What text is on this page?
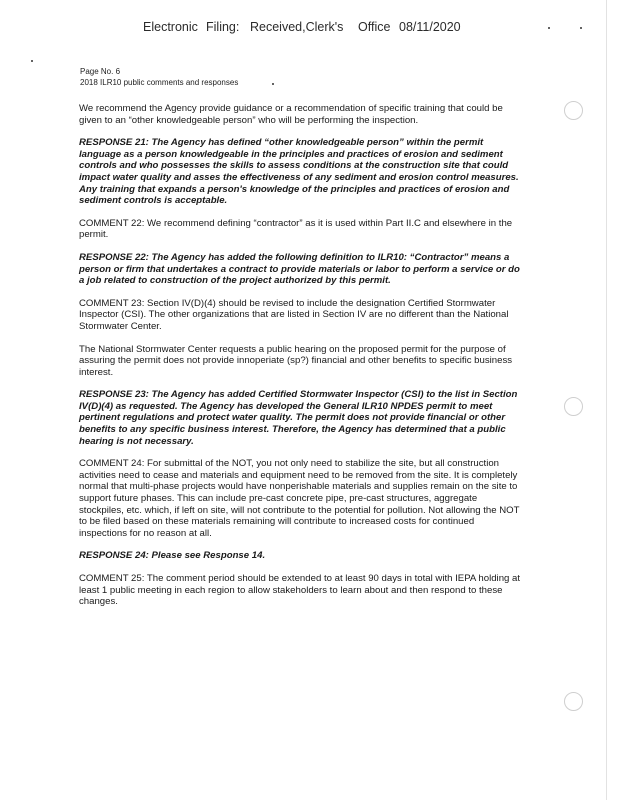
Electronic Filing: Received,Clerk's Office 08/11/2020
Page No. 6
2018 ILR10 public comments and responses

We recommend the Agency provide guidance or a recommendation of specific training that could be given to an “other knowledgeable person” who will be performing the inspection.

RESPONSE 21: The Agency has defined “other knowledgeable person” within the permit language as a person knowledgeable in the principles and practices of erosion and sediment controls and who possesses the skills to assess conditions at the construction site that could impact water quality and asses the effectiveness of any sediment and erosion control measures. Any training that expands a person's knowledge of the principles and practices of erosion and sediment controls is acceptable.

COMMENT 22: We recommend defining “contractor” as it is used within Part II.C and elsewhere in the permit.

RESPONSE 22: The Agency has added the following definition to ILR10: “Contractor” means a person or firm that undertakes a contract to provide materials or labor to perform a service or do a job related to construction of the project authorized by this permit.

COMMENT 23: Section IV(D)(4) should be revised to include the designation Certified Stormwater Inspector (CSI). The other organizations that are listed in Section IV are no different than the National Stormwater Center.

The National Stormwater Center requests a public hearing on the proposed permit for the purpose of assuring the permit does not provide innoperiate (sp?) financial and other benefits to specific business interest.

RESPONSE 23: The Agency has added Certified Stormwater Inspector (CSI) to the list in Section IV(D)(4) as requested. The Agency has developed the General ILR10 NPDES permit to meet pertinent regulations and protect water quality. The permit does not provide financial or other benefits to any specific business interest. Therefore, the Agency has determined that a public hearing is not necessary.

COMMENT 24: For submittal of the NOT, you not only need to stabilize the site, but all construction activities need to cease and materials and equipment need to be removed from the site. It is completely normal that multi-phase projects would have nonperishable materials and supplies remain on the site to support future phases. This can include pre-cast concrete pipe, pre-cast structures, aggregate stockpiles, etc. which, if left on site, will not contribute to the potential for pollution. Not allowing the NOT to be filed based on these materials remaining will contribute to increased costs for continued inspections for no reason at all.

RESPONSE 24: Please see Response 14.

COMMENT 25: The comment period should be extended to at least 90 days in total with IEPA holding at least 1 public meeting in each region to allow stakeholders to learn about and then respond to these changes.
